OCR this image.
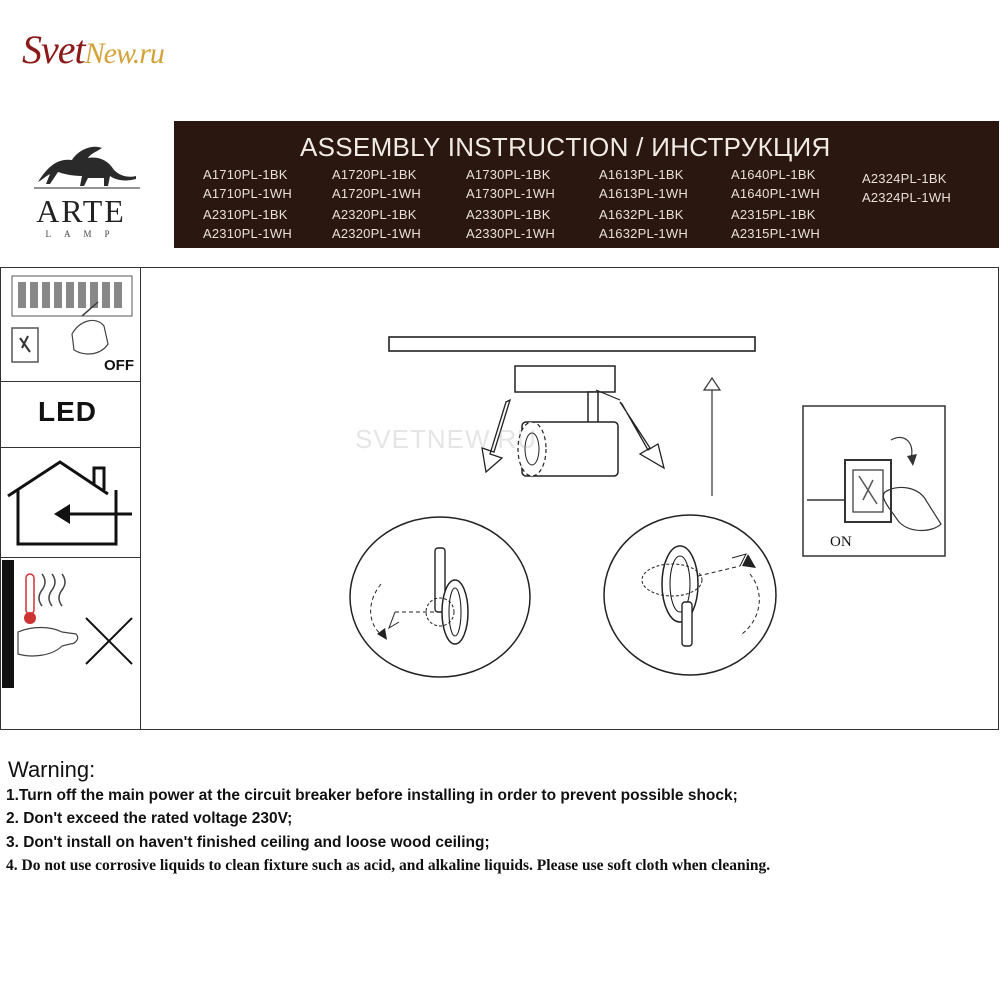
SvetNew.ru
ARTE
LAMP
ASSEMBLY INSTRUCTION / ИНСТРУКЦИЯ
A1710PL-1BK
A1710PL-1WH
A2310PL-1BK
A2310PL-1WH
A1720PL-1BK
A1720PL-1WH
A2320PL-1BK
A2320PL-1WH
A1730PL-1BK
A1730PL-1WH
A2330PL-1BK
A2330PL-1WH
A1613PL-1BK
A1613PL-1WH
A1632PL-1BK
A1632PL-1WH
A1640PL-1BK
A1640PL-1WH
A2315PL-1BK
A2315PL-1WH
A2324PL-1BK
A2324PL-1WH
OFF
LED
ON
SVETNEW.RU
Warning:
1.Turn off the main power at the circuit breaker before installing in order to prevent possible shock;
2. Don't exceed the rated voltage 230V;
3. Don't install on haven't finished ceiling and loose wood ceiling;
4. Do not use corrosive liquids to clean fixture such as acid, and alkaline liquids. Please use soft cloth when cleaning.
